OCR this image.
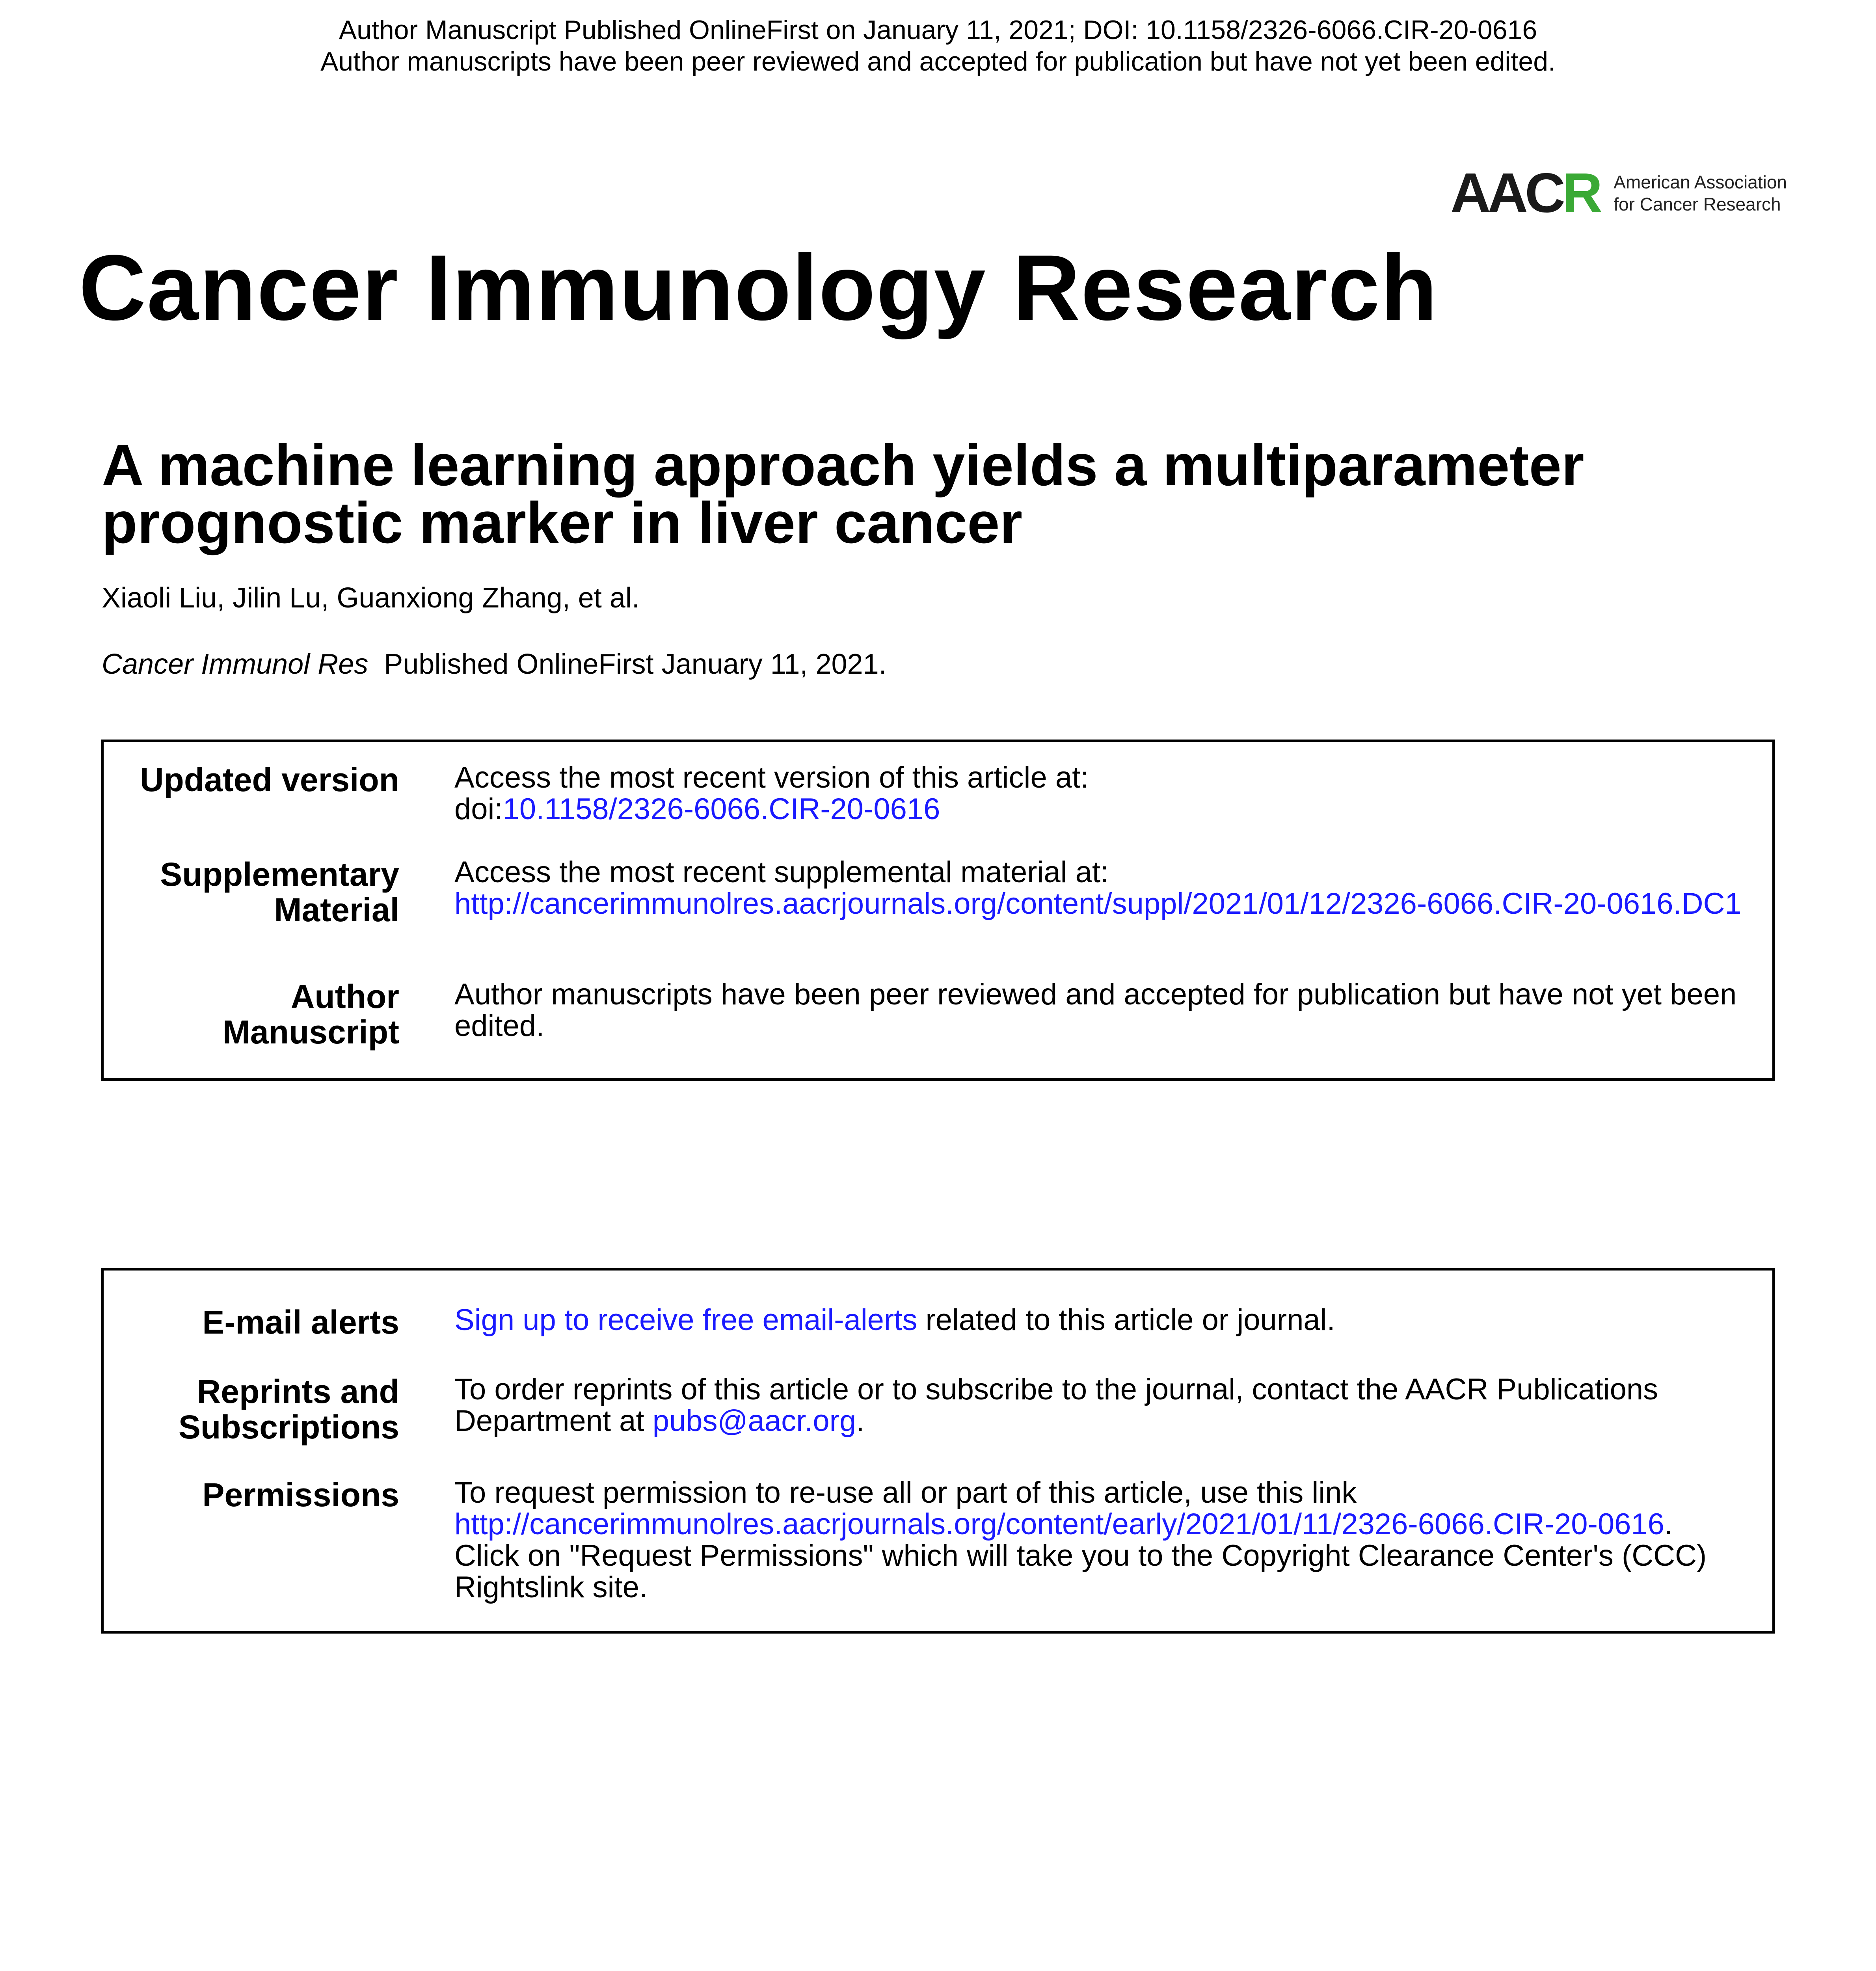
Author Manuscript Published OnlineFirst on January 11, 2021; DOI: 10.1158/2326-6066.CIR-20-0616
Author manuscripts have been peer reviewed and accepted for publication but have not yet been edited.
AACR American Association
for Cancer Research
Cancer Immunology Research
A machine learning approach yields a multiparameter
prognostic marker in liver cancer
Xiaoli Liu, Jilin Lu, Guanxiong Zhang, et al.
Cancer Immunol Res Published OnlineFirst January 11, 2021.
Updated version Access the most recent version of this article at:
doi:10.1158/2326-6066.CIR-20-0616
Supplementary
Material
Access the most recent supplemental material at:
http://cancerimmunolres.aacrjournals.org/content/suppl/2021/01/12/2326-6066.CIR-20-0616.DC1
Author
Manuscript
Author manuscripts have been peer reviewed and accepted for publication but have not yet been edited.
E-mail alerts Sign up to receive free email-alerts related to this article or journal.
Reprints and
Subscriptions
To order reprints of this article or to subscribe to the journal, contact the AACR Publications Department at pubs@aacr.org.
Permissions To request permission to re-use all or part of this article, use this link
http://cancerimmunolres.aacrjournals.org/content/early/2021/01/11/2326-6066.CIR-20-0616.
Click on "Request Permissions" which will take you to the Copyright Clearance Center's (CCC)
Rightslink site.
